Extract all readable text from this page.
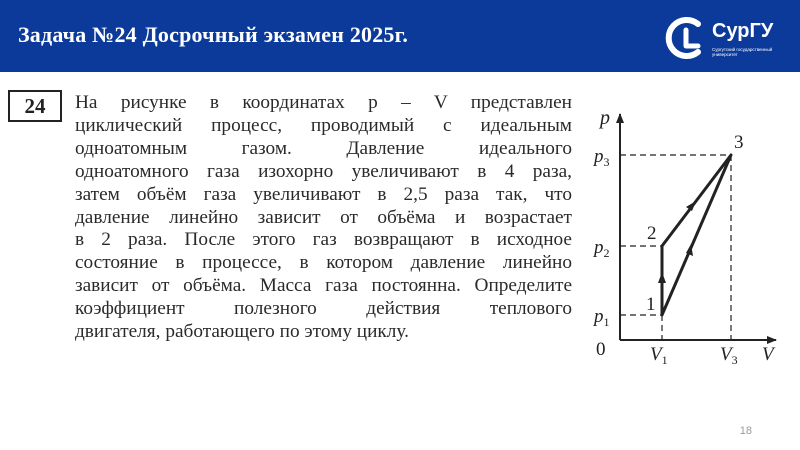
Задача №24 Досрочный экзамен 2025г.	СурГУ
Сургутский государственный университет
24	На рисунке в координатах p – V представлен

циклический процесс, проводимый с идеальным

одноатомным газом. Давление идеального

одноатомного газа изохорно увеличивают в 4 раза,

затем объём газа увеличивают в 2,5 раза так, что

давление линейно зависит от объёма и возрастает

в 2 раза. После этого газ возвращают в исходное

состояние в процессе, в котором давление линейно

зависит от объёма. Масса газа постоянна. Определите

коэффициент полезного действия теплового

двигателя, работающего по этому циклу.

p
V
0
$p_3$
$p_2$
$p_1$
$V_1$	$V_3$
1
2
3
18
